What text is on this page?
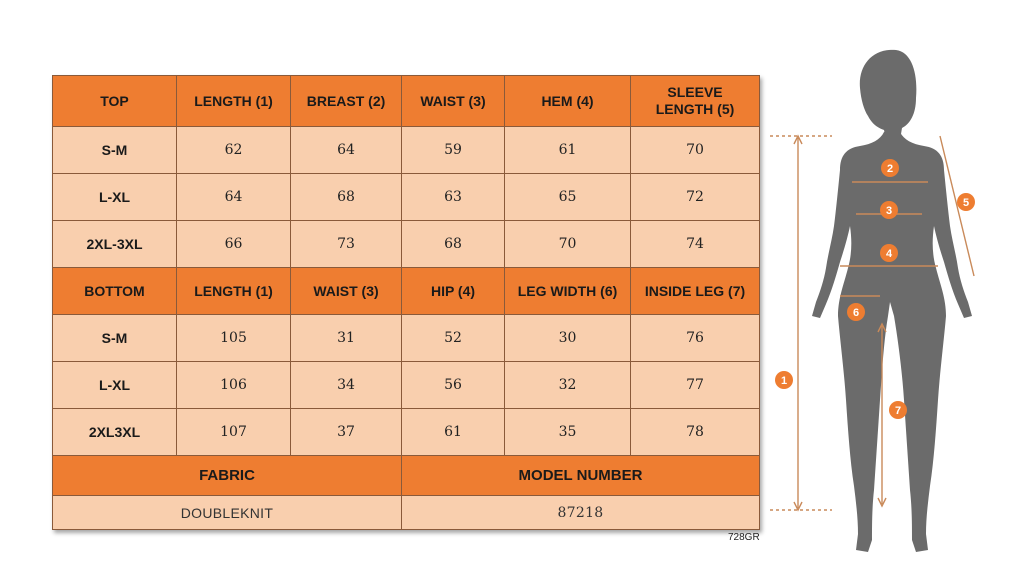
TOP	LENGTH (1)	BREAST (2)	WAIST (3)	HEM (4)	SLEEVE
LENGTH (5)

S-M	62	64	59	61	70
L-XL	64	68	63	65	72
2XL-3XL	66	73	68	70	74
BOTTOM	LENGTH (1)	WAIST (3)	HIP (4)	LEG WIDTH (6)	INSIDE LEG (7)
S-M	105	31	52	30	76
L-XL	106	34	56	32	77
2XL3XL	107	37	61	35	78
FABRIC			MODEL NUMBER		
DOUBLEKNIT			87218		
728GR
1
2
3
4
5
6
7
